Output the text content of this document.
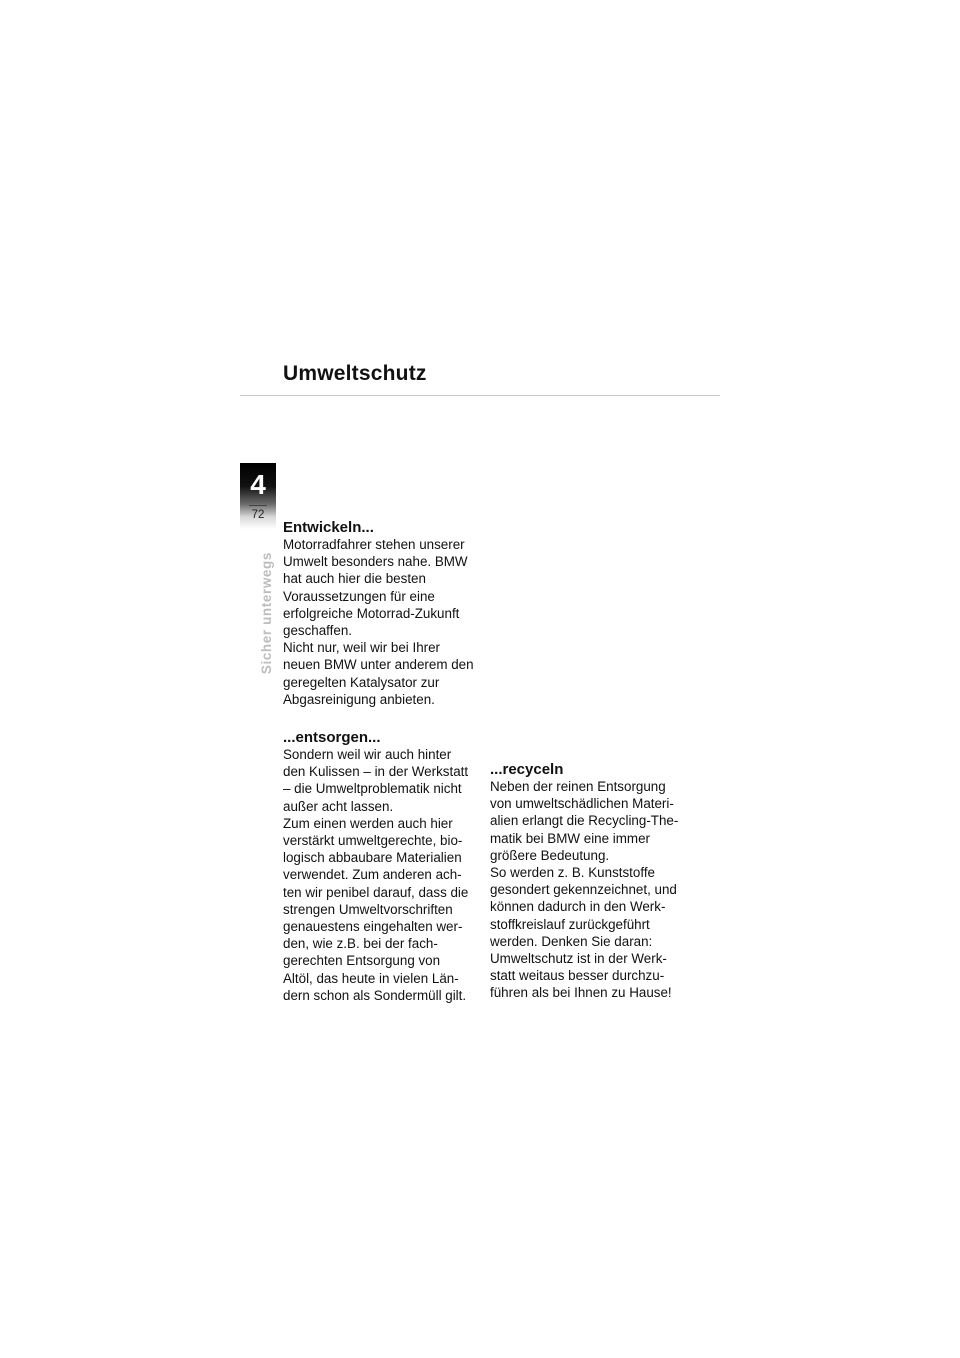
Umweltschutz
4
72
Sicher unterwegs
Entwickeln...

Motorradfahrer stehen unserer
Umwelt besonders nahe. BMW
hat auch hier die besten
Voraussetzungen für eine
erfolgreiche Motorrad-Zukunft
geschaffen.
Nicht nur, weil wir bei Ihrer
neuen BMW unter anderem den
geregelten Katalysator zur
Abgasreinigung anbieten.

...entsorgen...

Sondern weil wir auch hinter
den Kulissen – in der Werkstatt
– die Umweltproblematik nicht
außer acht lassen.
Zum einen werden auch hier
verstärkt umweltgerechte, bio-
logisch abbaubare Materialien
verwendet. Zum anderen ach-
ten wir penibel darauf, dass die
strengen Umweltvorschriften
genauestens eingehalten wer-
den, wie z.B. bei der fach-
gerechten Entsorgung von
Altöl, das heute in vielen Län-
dern schon als Sondermüll gilt.

...recyceln

Neben der reinen Entsorgung
von umweltschädlichen Materi-
alien erlangt die Recycling-The-
matik bei BMW eine immer
größere Bedeutung.
So werden z. B. Kunststoffe
gesondert gekennzeichnet, und
können dadurch in den Werk-
stoffkreislauf zurückgeführt
werden. Denken Sie daran:
Umweltschutz ist in der Werk-
statt weitaus besser durchzu-
führen als bei Ihnen zu Hause!
